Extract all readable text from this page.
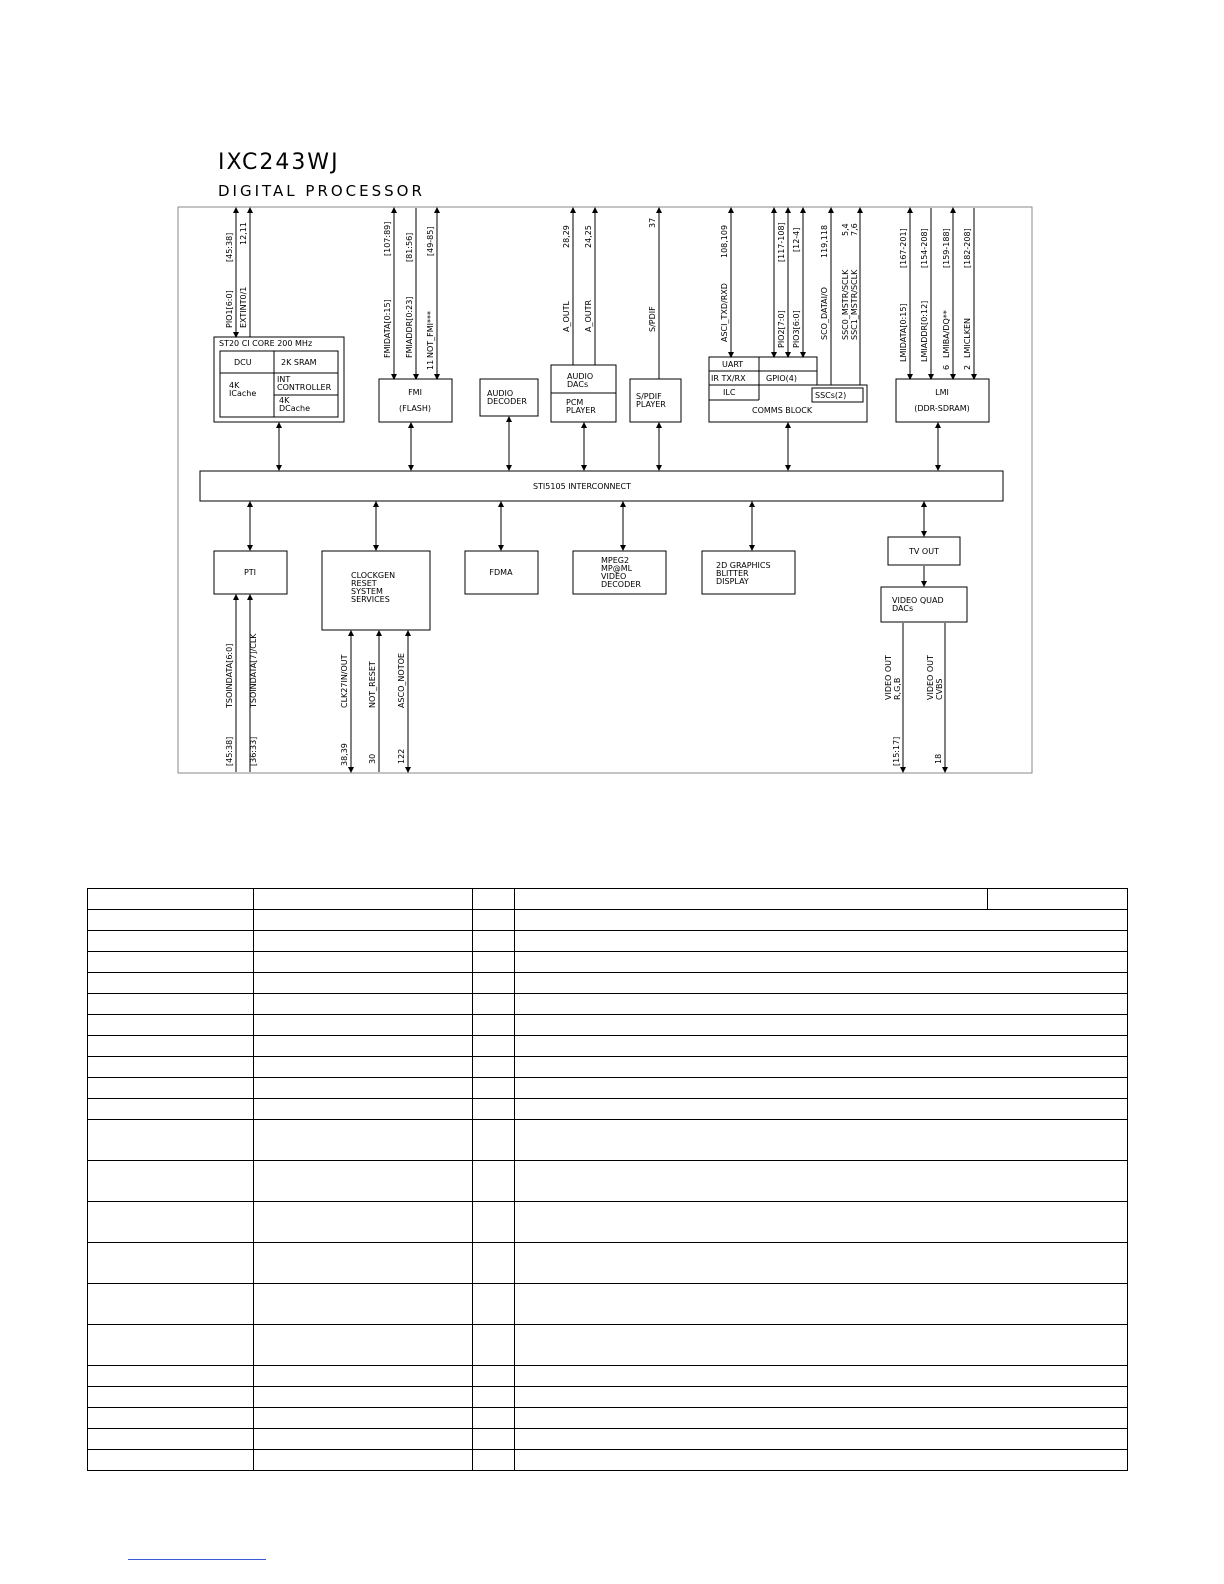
IXC243WJ
DIGITAL PROCESSOR
ST20 CI CORE 200 MHz
DCU	2K SRAM
4K
ICache
INT
CONTROLLER
4K
DCache
FMI
(FLASH)
AUDIO
DECODER
AUDIO
DACs
PCM
PLAYER
S/PDIF
PLAYER
UART
IR TX/RX	GPIO(4)
ILC	SSCs(2)
COMMS BLOCK
LMI
(DDR-SDRAM)
STI5105 INTERCONNECT
PTI	CLOCKGEN
RESET
SYSTEM
SERVICES
FDMA
MPEG2
MP@ML
VIDEO
DECODER
2D GRAPHICS
BLITTER
DISPLAY
TV OUT
VIDEO QUAD
DACs
PIO1[6:0]
[45:38]
EXTINT0/1
12,11
FMIDATA[0:15]
[107:89]
FMIADDR[0:23]
[81:56]
11
NOT_FMI***
[49-85]
A_OUTL
28,29
A_OUTR
24,25
S/PDIF
37
ASCI_TXD/RXD
108,109
PIO2[7:0]
[117-108]
PIO3[6:0]
[12-4]
SCO_DATAI/O
119,118
SSC0_MSTR/SCLK
5,4
SSC1_MSTR/SCLK
7,6
LMIDATA[0:15]
[167-201]
LMIADDR[0:12]
[154-208]
6
LMIBA/DQ**
[159-188]
2
LMICLKEN
[182-208]
TSOINDATA[6:0]
[45:38]
TSOINDATA[7]/CLK
[36:33]
CLK27IN/OUT
38,39
NOT_RESET
30
ASCO_NOTOE
122
VIDEO OUT R,G,B
[15:17]
VIDEO OUT CVBS
18
